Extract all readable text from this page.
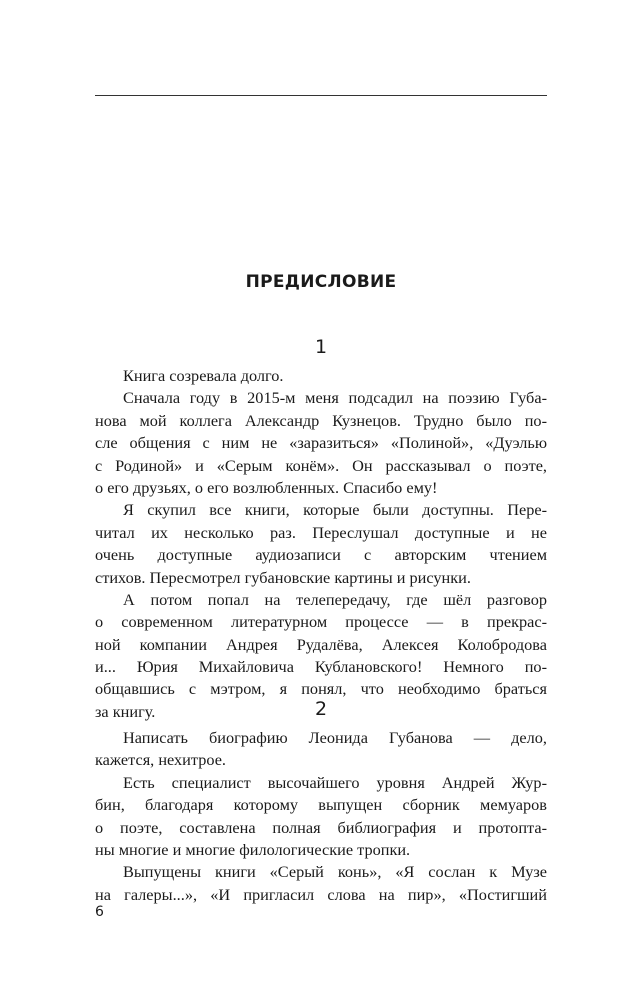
ПРЕДИСЛОВИЕ
1
Книга созревала долго.
Сначала году в 2015-м меня подсадил на поэзию Губа-
нова мой коллега Александр Кузнецов. Трудно было по-
сле общения с ним не «заразиться» «Полиной», «Дуэлью
с Родиной» и «Серым конём». Он рассказывал о поэте,
о его друзьях, о его возлюбленных. Спасибо ему!
Я скупил все книги, которые были доступны. Пере-
читал их несколько раз. Переслушал доступные и не
очень доступные аудиозаписи с авторским чтением
стихов. Пересмотрел губановские картины и рисунки.
А потом попал на телепередачу, где шёл разговор
о современном литературном процессе — в прекрас-
ной компании Андрея Рудалёва, Алексея Колобродова
и... Юрия Михайловича Кублановского! Немного по-
общавшись с мэтром, я понял, что необходимо браться
за книгу.	2
Написать биографию Леонида Губанова — дело,
кажется, нехитрое.
Есть специалист высочайшего уровня Андрей Жур-
бин, благодаря которому выпущен сборник мемуаров
о поэте, составлена полная библиография и протопта-
ны многие и многие филологические тропки.
Выпущены книги «Серый конь», «Я сослан к Музе
на галеры...», «И пригласил слова на пир», «Постигший
6
